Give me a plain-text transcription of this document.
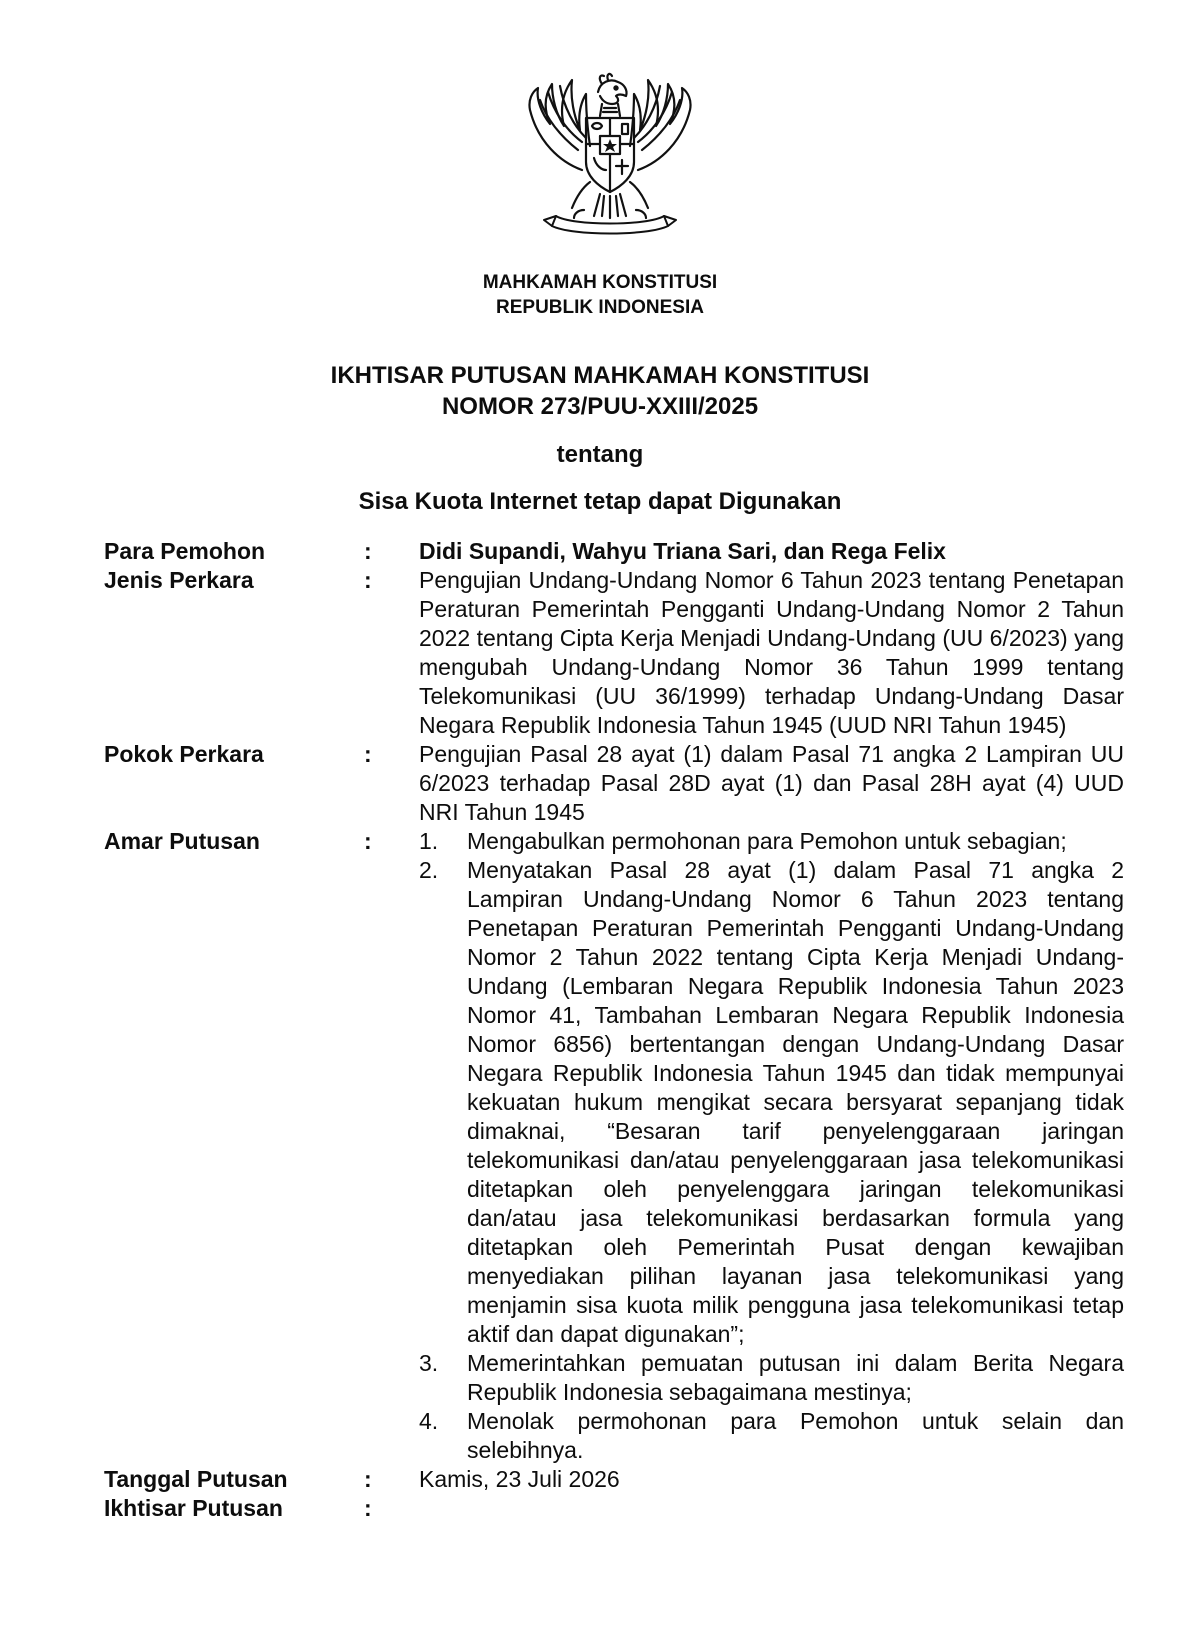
MAHKAMAH KONSTITUSI
REPUBLIK INDONESIA
IKHTISAR PUTUSAN MAHKAMAH KONSTITUSI
NOMOR 273/PUU-XXIII/2025
tentang
Sisa Kuota Internet tetap dapat Digunakan
Para Pemohon	:	Didi Supandi, Wahyu Triana Sari, dan Rega Felix
Jenis Perkara	:	Pengujian Undang-Undang Nomor 6 Tahun 2023 tentang Penetapan Peraturan Pemerintah Pengganti Undang-Undang Nomor 2 Tahun 2022 tentang Cipta Kerja Menjadi Undang-Undang (UU 6/2023) yang mengubah Undang-Undang Nomor 36 Tahun 1999 tentang Telekomunikasi (UU 36/1999) terhadap Undang-Undang Dasar Negara Republik Indonesia Tahun 1945 (UUD NRI Tahun 1945)
Pokok Perkara	:	Pengujian Pasal 28 ayat (1) dalam Pasal 71 angka 2 Lampiran UU 6/2023 terhadap Pasal 28D ayat (1) dan Pasal 28H ayat (4) UUD NRI Tahun 1945
Amar Putusan	:	1.	Mengabulkan permohonan para Pemohon untuk sebagian;
2.	Menyatakan Pasal 28 ayat (1) dalam Pasal 71 angka 2 Lampiran Undang-Undang Nomor 6 Tahun 2023 tentang Penetapan Peraturan Pemerintah Pengganti Undang-Undang Nomor 2 Tahun 2022 tentang Cipta Kerja Menjadi Undang-Undang (Lembaran Negara Republik Indonesia Tahun 2023 Nomor 41, Tambahan Lembaran Negara Republik Indonesia Nomor 6856) bertentangan dengan Undang-Undang Dasar Negara Republik Indonesia Tahun 1945 dan tidak mempunyai kekuatan hukum mengikat secara bersyarat sepanjang tidak dimaknai, “Besaran tarif penyelenggaraan jaringan telekomunikasi dan/atau penyelenggaraan jasa telekomunikasi ditetapkan oleh penyelenggara jaringan telekomunikasi dan/atau jasa telekomunikasi berdasarkan formula yang ditetapkan oleh Pemerintah Pusat dengan kewajiban menyediakan pilihan layanan jasa telekomunikasi yang menjamin sisa kuota milik pengguna jasa telekomunikasi tetap aktif dan dapat digunakan”;
3.	Memerintahkan pemuatan putusan ini dalam Berita Negara Republik Indonesia sebagaimana mestinya;
4.	Menolak permohonan para Pemohon untuk selain dan selebihnya.
Tanggal Putusan	:	Kamis, 23 Juli 2026
Ikhtisar Putusan	:
